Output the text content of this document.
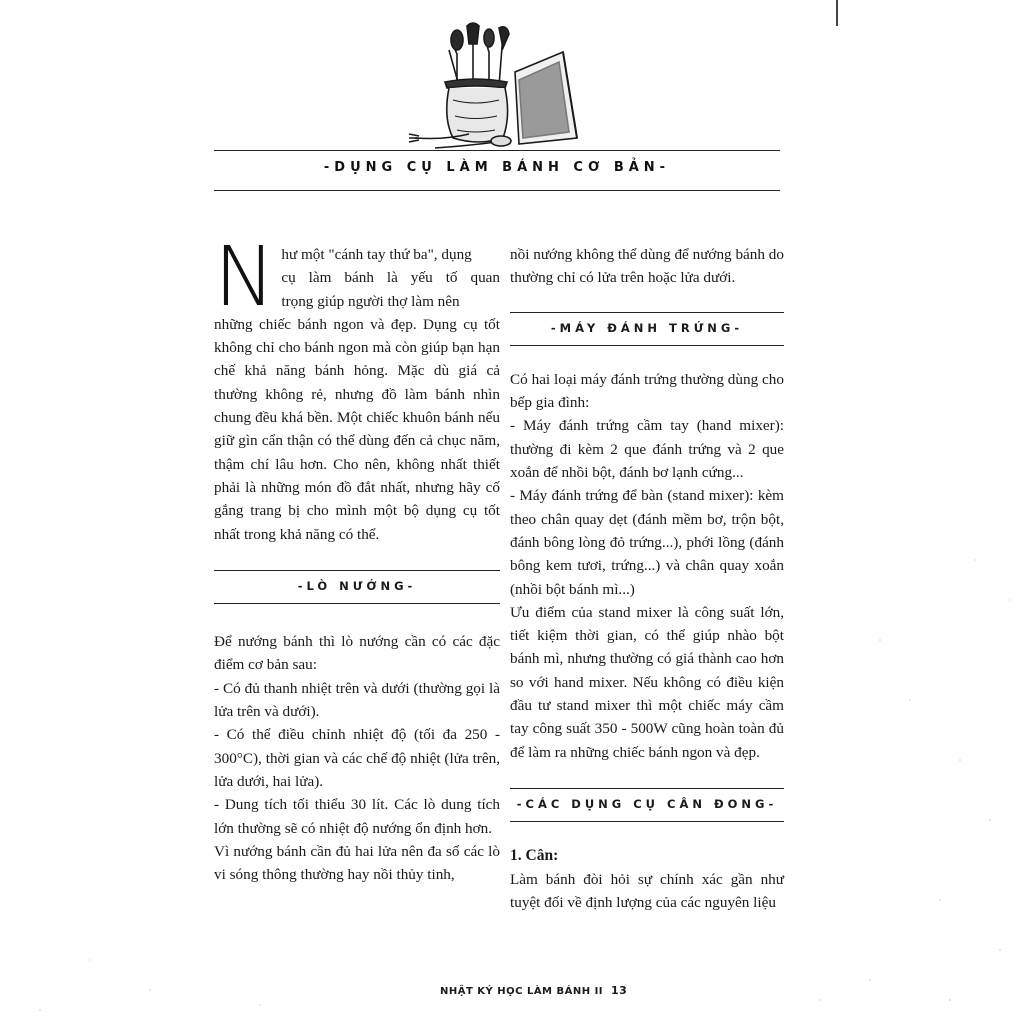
-DỤNG CỤ LÀM BÁNH CƠ BẢN-
N hư một "cánh tay thứ ba", dụng

cụ làm bánh là yếu tố quan

trọng giúp người thợ làm nên

những chiếc bánh ngon và đẹp. Dụng cụ tốt không chỉ cho bánh ngon mà còn giúp bạn hạn chế khả năng bánh hỏng. Mặc dù giá cả thường không rẻ, nhưng đồ làm bánh nhìn chung đều khá bền. Một chiếc khuôn bánh nếu giữ gìn cẩn thận có thể dùng đến cả chục năm, thậm chí lâu hơn. Cho nên, không nhất thiết phải là những món đồ đắt nhất, nhưng hãy cố gắng trang bị cho mình một bộ dụng cụ tốt nhất trong khả năng có thể.

-LÒ NƯỚNG-

Để nướng bánh thì lò nướng cần có các đặc điểm cơ bản sau:

- Có đủ thanh nhiệt trên và dưới (thường gọi là lửa trên và dưới).

- Có thể điều chỉnh nhiệt độ (tối đa 250 - 300°C), thời gian và các chế độ nhiệt (lửa trên, lửa dưới, hai lửa).

- Dung tích tối thiểu 30 lít. Các lò dung tích lớn thường sẽ có nhiệt độ nướng ổn định hơn.

Vì nướng bánh cần đủ hai lửa nên đa số các lò vi sóng thông thường hay nồi thủy tinh,

nồi nướng không thể dùng để nướng bánh do thường chỉ có lửa trên hoặc lửa dưới.

-MÁY ĐÁNH TRỨNG-

Có hai loại máy đánh trứng thường dùng cho bếp gia đình:

- Máy đánh trứng cầm tay (hand mixer): thường đi kèm 2 que đánh trứng và 2 que xoắn để nhồi bột, đánh bơ lạnh cứng...

- Máy đánh trứng để bàn (stand mixer): kèm theo chân quay dẹt (đánh mềm bơ, trộn bột, đánh bông lòng đỏ trứng...), phới lồng (đánh bông kem tươi, trứng...) và chân quay xoắn (nhồi bột bánh mì...)

Ưu điểm của stand mixer là công suất lớn, tiết kiệm thời gian, có thể giúp nhào bột bánh mì, nhưng thường có giá thành cao hơn so với hand mixer. Nếu không có điều kiện đầu tư stand mixer thì một chiếc máy cầm tay công suất 350 - 500W cũng hoàn toàn đủ để làm ra những chiếc bánh ngon và đẹp.

-CÁC DỤNG CỤ CÂN ĐONG-
1. Cân:

Làm bánh đòi hỏi sự chính xác gần như tuyệt đối về định lượng của các nguyên liệu

NHẬT KÝ HỌC LÀM BÁNH II 13
